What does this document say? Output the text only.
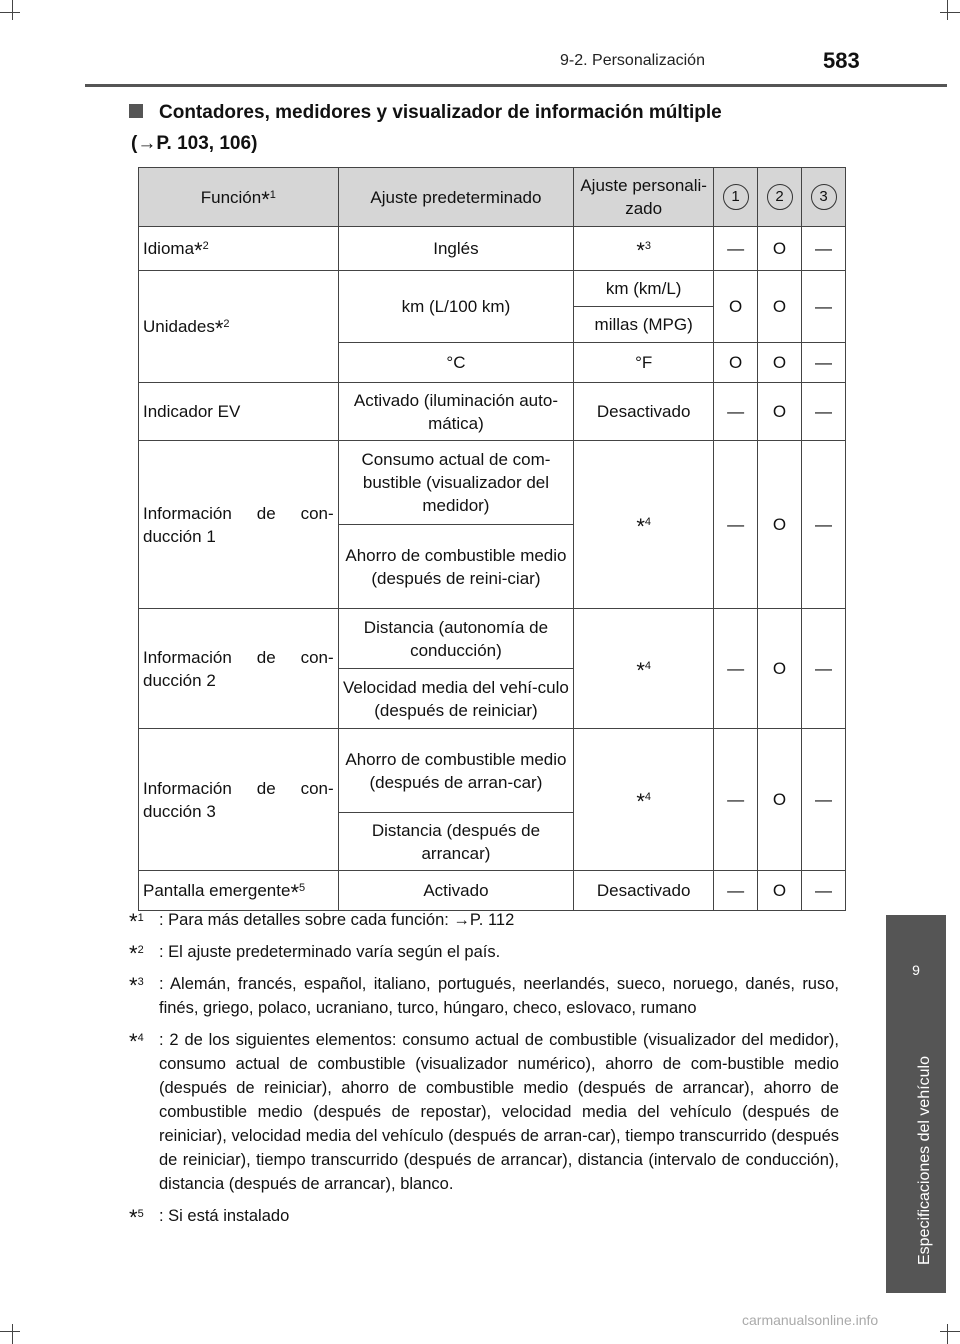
9-2. Personalización	583
9
Especificaciones del vehículo
Contadores, medidores y visualizador de información múltiple
(→P. 103, 106)
Función*$^1$	Ajuste predeterminado	Ajuste personali-zado	1	2	3
Idioma*$^2$	Inglés	*$^3$	—	O	—
Unidades*$^2$	km (L/100 km)	km (km/L)	O	O	—
		millas (MPG)			
	°C	°F	O	O	—
Indicador EV	Activado (iluminación auto-mática)	Desactivado	—	O	—
Información de con-ducción 1	Consumo actual de com-bustible (visualizador del medidor)	*$^4$	—	O	—
	Ahorro de combustible medio (después de reini-ciar)				
Información de con-ducción 2	Distancia (autonomía de conducción)	*$^4$	—	O	—
	Velocidad media del vehí-culo (después de reiniciar)				
Información de con-ducción 3	Ahorro de combustible medio (después de arran-car)	*$^4$	—	O	—
	Distancia (después de arrancar)				
Pantalla emergente*$^5$	Activado	Desactivado	—	O	—
*$^1$ : Para más detalles sobre cada función: →P. 112
*$^2$ : El ajuste predeterminado varía según el país.
*$^3$ : Alemán, francés, español, italiano, portugués, neerlandés, sueco, noruego, danés, ruso, finés, griego, polaco, ucraniano, turco, húngaro, checo, eslovaco, rumano
*$^4$ : 2 de los siguientes elementos: consumo actual de combustible (visualizador del medidor), consumo actual de combustible (visualizador numérico), ahorro de com-bustible medio (después de reiniciar), ahorro de combustible medio (después de arrancar), ahorro de combustible medio (después de repostar), velocidad media del vehículo (después de reiniciar), velocidad media del vehículo (después de arran-car), tiempo transcurrido (después de reiniciar), tiempo transcurrido (después de arrancar), distancia (intervalo de conducción), distancia (después de arrancar), blanco.
*$^5$ : Si está instalado
carmanualsonline.info
